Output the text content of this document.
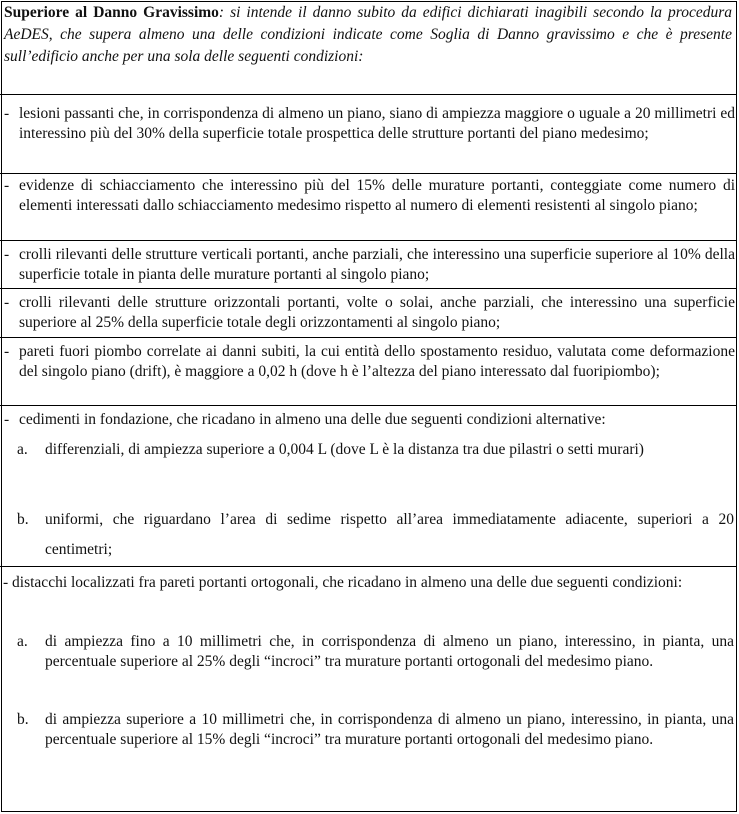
Superiore al Danno Gravissimo: si intende il danno subito da edifici dichiarati inagibili secondo la procedura AeDES, che supera almeno una delle condizioni indicate come Soglia di Danno gravissimo e che è presente sull’edificio anche per una sola delle seguenti condizioni:
- lesioni passanti che, in corrispondenza di almeno un piano, siano di ampiezza maggiore o uguale a 20 millimetri ed interessino più del 30% della superficie totale prospettica delle strutture portanti del piano medesimo;
- evidenze di schiacciamento che interessino più del 15% delle murature portanti, conteggiate come numero di elementi interessati dallo schiacciamento medesimo rispetto al numero di elementi resistenti al singolo piano;
- crolli rilevanti delle strutture verticali portanti, anche parziali, che interessino una superficie superiore al 10% della superficie totale in pianta delle murature portanti al singolo piano;
- crolli rilevanti delle strutture orizzontali portanti, volte o solai, anche parziali, che interessino una superficie superiore al 25% della superficie totale degli orizzontamenti al singolo piano;
- pareti fuori piombo correlate ai danni subiti, la cui entità dello spostamento residuo, valutata come deformazione del singolo piano (drift), è maggiore a 0,02 h (dove h è l’altezza del piano interessato dal fuoripiombo);
- cedimenti in fondazione, che ricadano in almeno una delle due seguenti condizioni alternative:
a. differenziali, di ampiezza superiore a 0,004 L (dove L è la distanza tra due pilastri o setti murari)
b. uniformi, che riguardano l’area di sedime rispetto all’area immediatamente adiacente, superiori a 20 centimetri;
- distacchi localizzati fra pareti portanti ortogonali, che ricadano in almeno una delle due seguenti condizioni:
a. di ampiezza fino a 10 millimetri che, in corrispondenza di almeno un piano, interessino, in pianta, una percentuale superiore al 25% degli “incroci” tra murature portanti ortogonali del medesimo piano.
b. di ampiezza superiore a 10 millimetri che, in corrispondenza di almeno un piano, interessino, in pianta, una percentuale superiore al 15% degli “incroci” tra murature portanti ortogonali del medesimo piano.
